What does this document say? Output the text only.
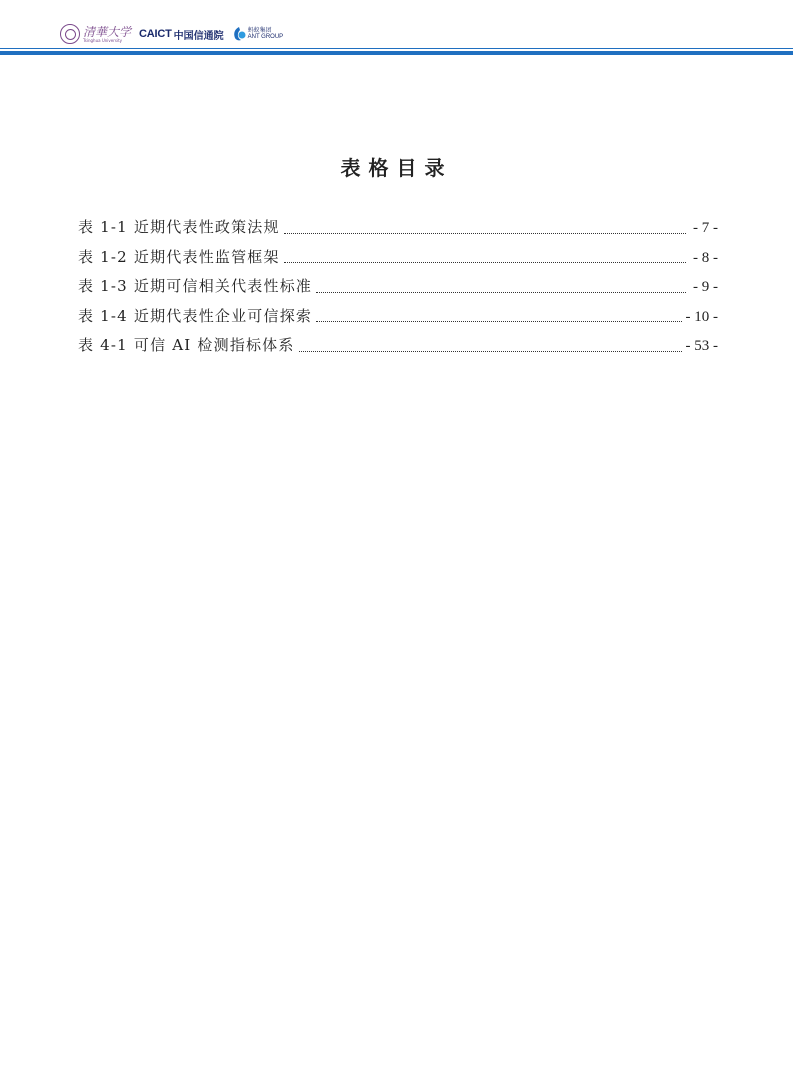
清華大学
Tsinghua University	CAICT 中国信通院
蚂蚁集团
ANT GROUP
表格目录
表 1-1 近期代表性政策法规	- 7 -
表 1-2 近期代表性监管框架	- 8 -
表 1-3 近期可信相关代表性标准	- 9 -
表 1-4 近期代表性企业可信探索	- 10 -
表 4-1 可信 AI 检测指标体系	- 53 -
